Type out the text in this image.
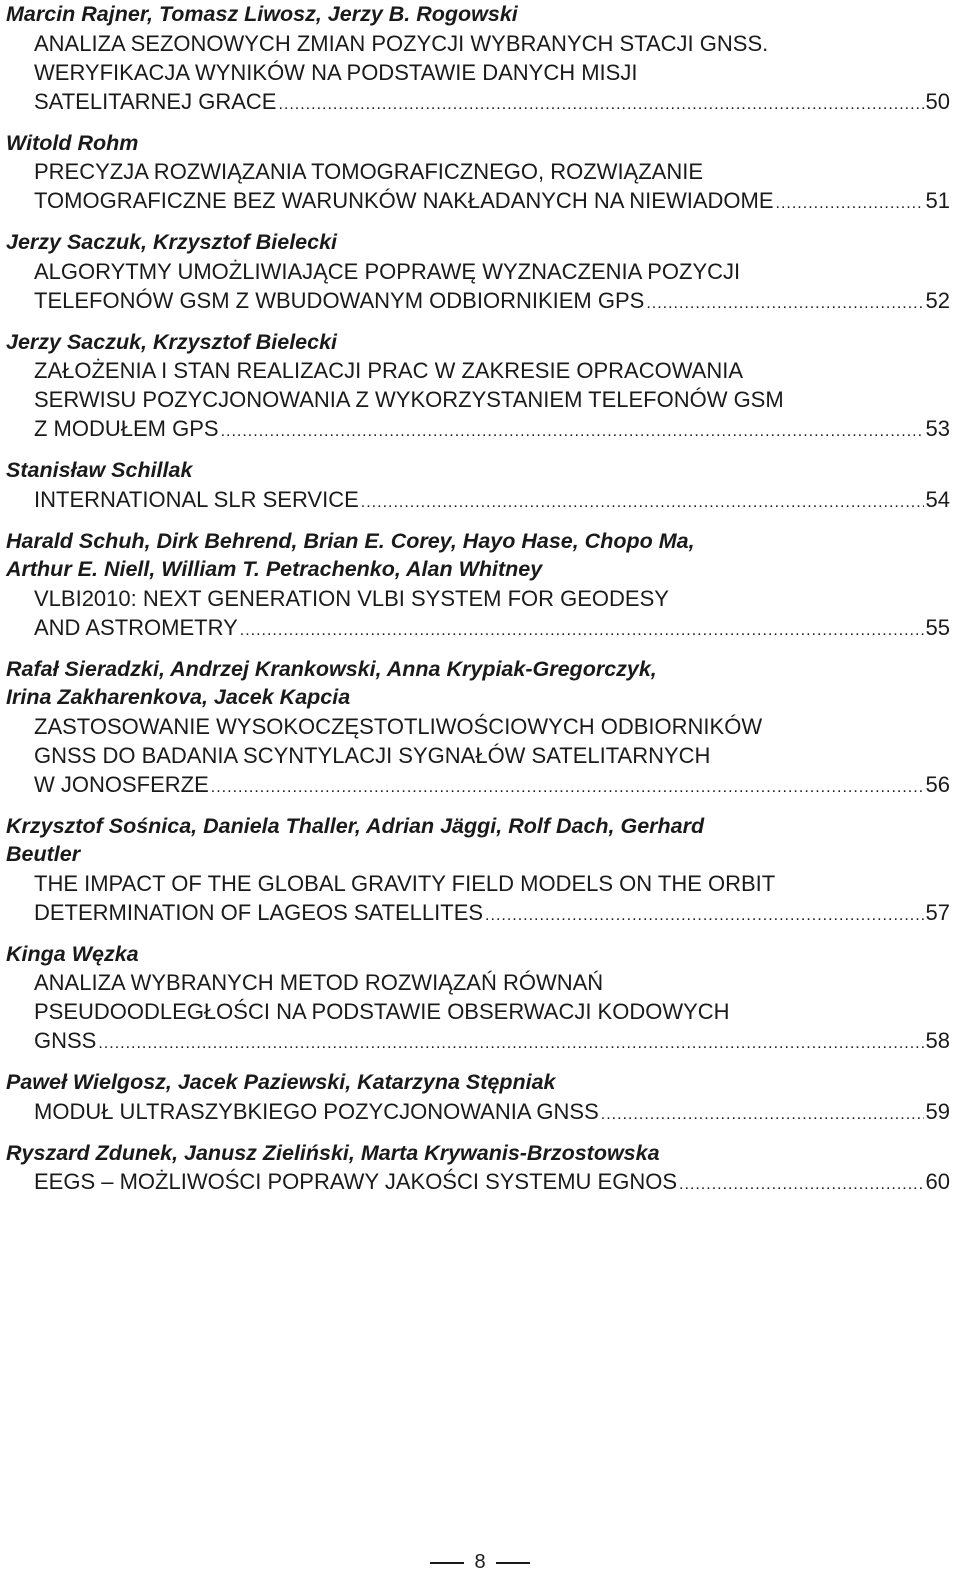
Marcin Rajner, Tomasz Liwosz, Jerzy B. Rogowski
ANALIZA SEZONOWYCH ZMIAN POZYCJI WYBRANYCH STACJI GNSS.
WERYFIKACJA WYNIKÓW NA PODSTAWIE DANYCH MISJI
SATELITARNEJ GRACE .....	50
Witold Rohm
PRECYZJA ROZWIĄZANIA TOMOGRAFICZNEGO, ROZWIĄZANIE
TOMOGRAFICZNE BEZ WARUNKÓW NAKŁADANYCH NA NIEWIADOME .....	51
Jerzy Saczuk, Krzysztof Bielecki
ALGORYTMY UMOŻLIWIAJĄCE POPRAWĘ WYZNACZENIA POZYCJI
TELEFONÓW GSM Z WBUDOWANYM ODBIORNIKIEM GPS .....	52
Jerzy Saczuk, Krzysztof Bielecki
ZAŁOŻENIA I STAN REALIZACJI PRAC W ZAKRESIE OPRACOWANIA
SERWISU POZYCJONOWANIA Z WYKORZYSTANIEM TELEFONÓW GSM
Z MODUŁEM GPS .....	53
Stanisław Schillak
INTERNATIONAL SLR SERVICE .....	54
Harald Schuh, Dirk Behrend, Brian E. Corey, Hayo Hase, Chopo Ma,
Arthur E. Niell, William T. Petrachenko, Alan Whitney
VLBI2010: NEXT GENERATION VLBI SYSTEM FOR GEODESY
AND ASTROMETRY .....	55
Rafał Sieradzki, Andrzej Krankowski, Anna Krypiak-Gregorczyk,
Irina Zakharenkova, Jacek Kapcia
ZASTOSOWANIE WYSOKOCZĘSTOTLIWOŚCIOWYCH ODBIORNIKÓW
GNSS DO BADANIA SCYNTYLACJI SYGNAŁÓW SATELITARNYCH
W JONOSFERZE .....	56
Krzysztof Sośnica, Daniela Thaller, Adrian Jäggi, Rolf Dach, Gerhard
Beutler
THE IMPACT OF THE GLOBAL GRAVITY FIELD MODELS ON THE ORBIT
DETERMINATION OF LAGEOS SATELLITES .....	57
Kinga Węzka
ANALIZA WYBRANYCH METOD ROZWIĄZAŃ RÓWNAŃ
PSEUDOODLEGŁOŚCI NA PODSTAWIE OBSERWACJI KODOWYCH
GNSS .....	58
Paweł Wielgosz, Jacek Paziewski, Katarzyna Stępniak
MODUŁ ULTRASZYBKIEGO POZYCJONOWANIA GNSS .....	59
Ryszard Zdunek, Janusz Zieliński, Marta Krywanis-Brzostowska
EEGS – MOŻLIWOŚCI POPRAWY JAKOŚCI SYSTEMU EGNOS .....	60
8
